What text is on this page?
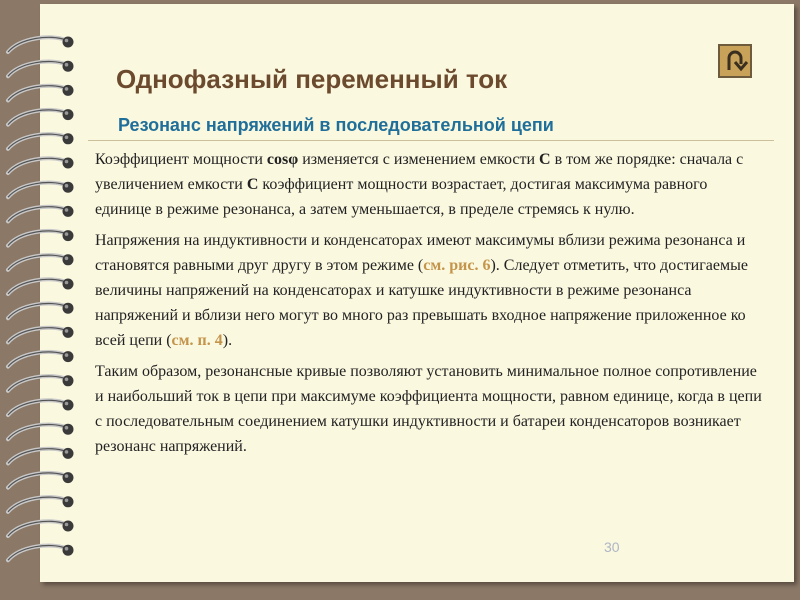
Однофазный переменный ток
Резонанс напряжений в последовательной цепи

Коэффициент мощности cosφ изменяется с изменением емкости С в том же порядке: сначала с увеличением емкости С коэффициент мощности возрастает, достигая максимума равного единице в режиме резонанса, а затем уменьшается, в пределе стремясь к нулю.

Напряжения на индуктивности и конденсаторах имеют максимумы вблизи режима резонанса и становятся равными друг другу в этом режиме (см. рис. 6). Следует отметить, что достигаемые величины напряжений на конденсаторах и катушке индуктивности в режиме резонанса напряжений и вблизи него могут во много раз превышать входное напряжение приложенное ко всей цепи (см. п. 4).

Таким образом, резонансные кривые позволяют установить минимальное полное сопротивление и наибольший ток в цепи при максимуме коэффициента мощности, равном единице, когда в цепи с последовательным соединением катушки индуктивности и батареи конденсаторов возникает резонанс напряжений.

30
